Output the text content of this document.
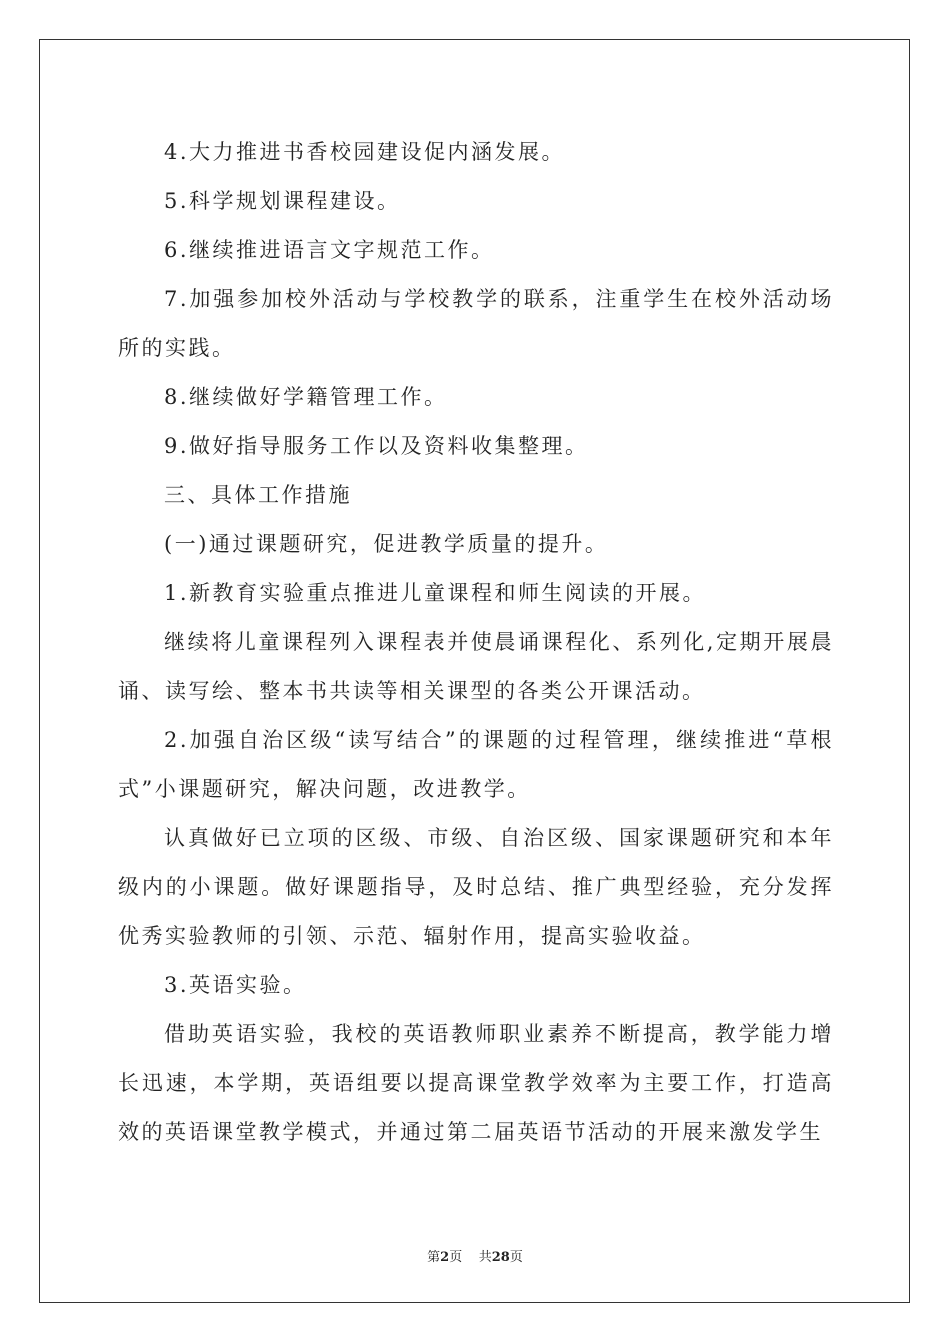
4.大力推进书香校园建设促内涵发展。

5.科学规划课程建设。

6.继续推进语言文字规范工作。

7.加强参加校外活动与学校教学的联系，注重学生在校外活动场所的实践。

8.继续做好学籍管理工作。

9.做好指导服务工作以及资料收集整理。

三、具体工作措施

(一)通过课题研究，促进教学质量的提升。

1.新教育实验重点推进儿童课程和师生阅读的开展。

继续将儿童课程列入课程表并使晨诵课程化、系列化,定期开展晨诵、读写绘、整本书共读等相关课型的各类公开课活动。

2.加强自治区级“读写结合”的课题的过程管理，继续推进“草根式”小课题研究，解决问题，改进教学。

认真做好已立项的区级、市级、自治区级、国家课题研究和本年级内的小课题。做好课题指导，及时总结、推广典型经验，充分发挥优秀实验教师的引领、示范、辐射作用，提高实验收益。

3.英语实验。

借助英语实验，我校的英语教师职业素养不断提高，教学能力增长迅速，本学期，英语组要以提高课堂教学效率为主要工作，打造高效的英语课堂教学模式，并通过第二届英语节活动的开展来激发学生

第2页 共28页
